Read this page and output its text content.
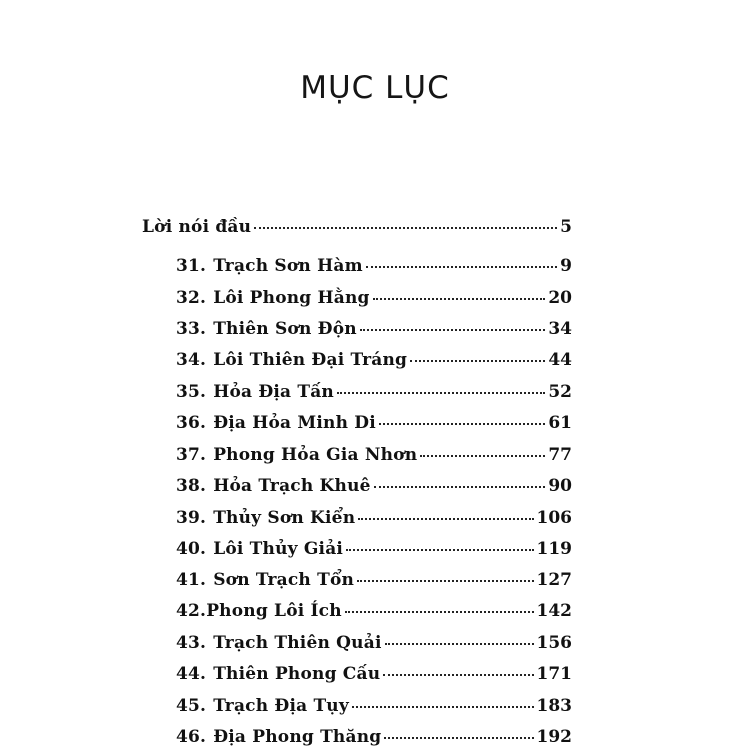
MỤC LỤC
Lời nói đầu	5
31. Trạch Sơn Hàm	9
32. Lôi Phong Hằng	20
33. Thiên Sơn Độn	34
34. Lôi Thiên Đại Tráng	44
35. Hỏa Địa Tấn	52
36. Địa Hỏa Minh Di	61
37. Phong Hỏa Gia Nhơn	77
38. Hỏa Trạch Khuê	90
39. Thủy Sơn Kiển	106
40. Lôi Thủy Giải	119
41. Sơn Trạch Tổn	127
42.Phong Lôi Ích	142
43. Trạch Thiên Quải	156
44. Thiên Phong Cấu	171
45. Trạch Địa Tụy	183
46. Địa Phong Thăng	192
